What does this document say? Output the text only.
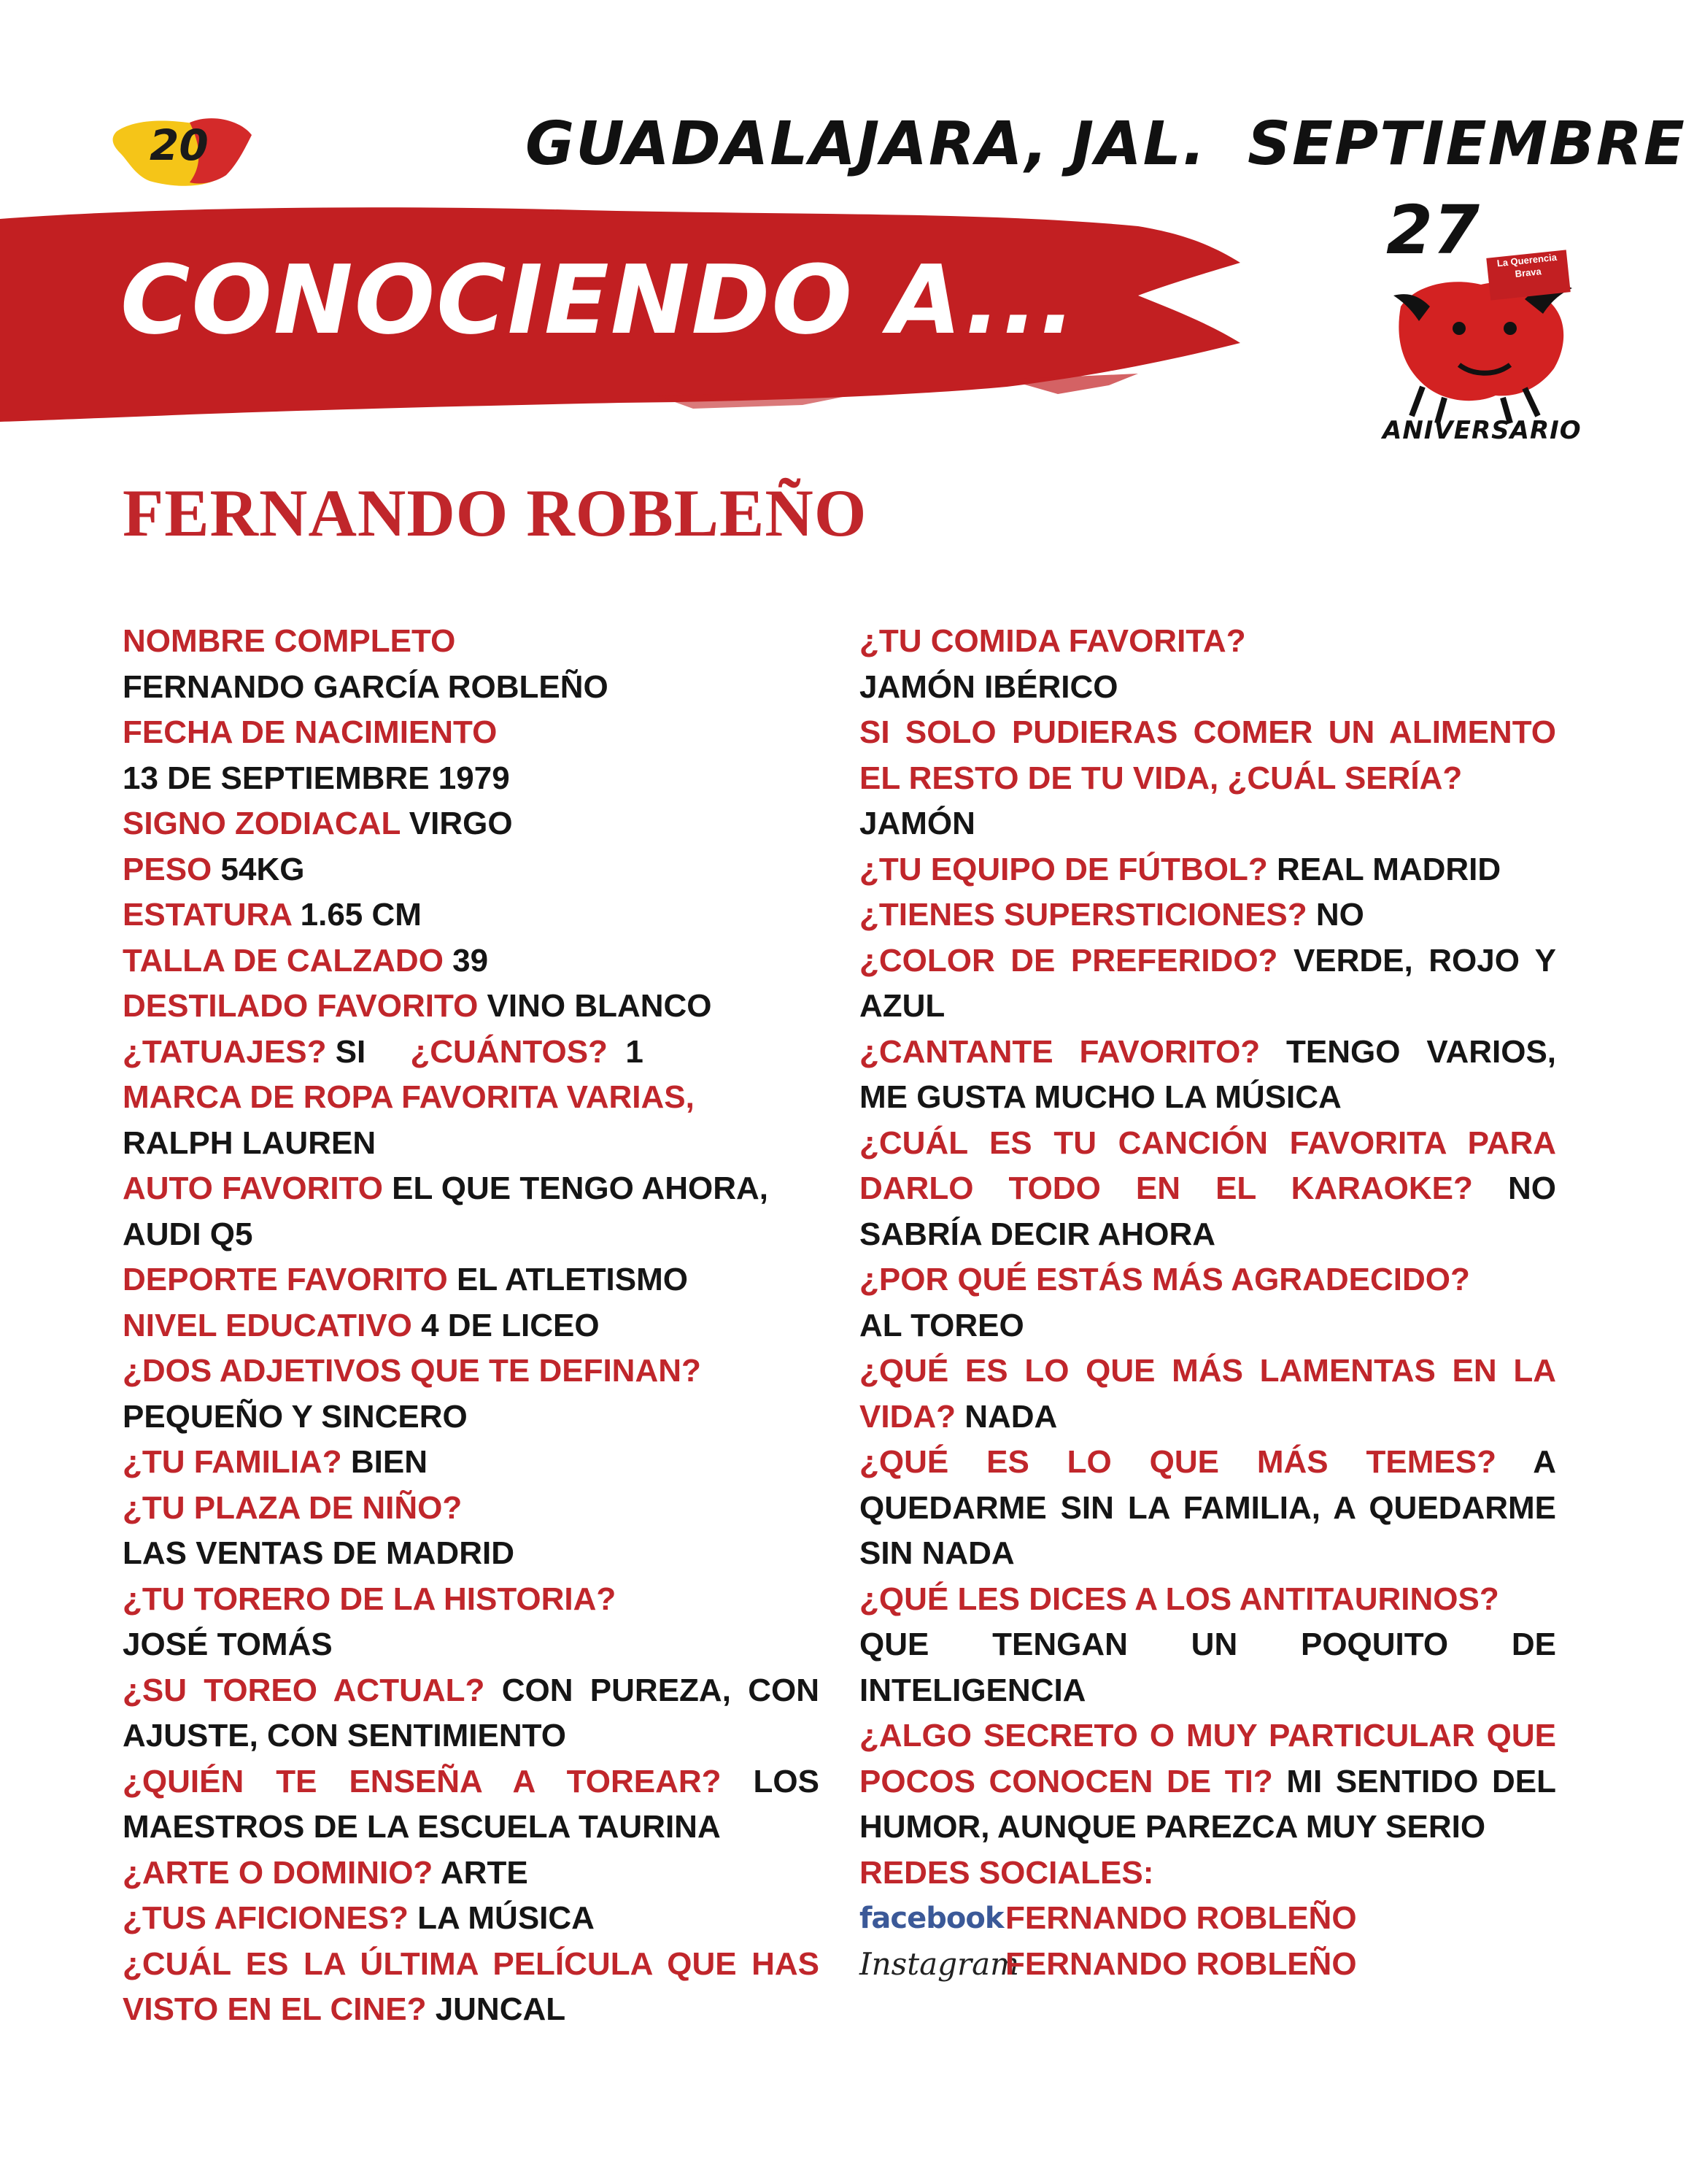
20	GUADALAJARA, JAL. SEPTIEMBRE
CONOCIENDO A...	La Querencia Brava
27
ANIVERSARIO
FERNANDO ROBLEÑO

NOMBRE COMPLETO

FERNANDO GARCÍA ROBLEÑO

FECHA DE NACIMIENTO

13 DE SEPTIEMBRE 1979

SIGNO ZODIACAL VIRGO

PESO 54KG

ESTATURA 1.65 CM

TALLA DE CALZADO 39

DESTILADO FAVORITO VINO BLANCO

¿TATUAJES? SI ¿CUÁNTOS? 1

MARCA DE ROPA FAVORITA VARIAS,
RALPH LAUREN

AUTO FAVORITO EL QUE TENGO AHORA, AUDI Q5

DEPORTE FAVORITO EL ATLETISMO

NIVEL EDUCATIVO 4 DE LICEO

¿DOS ADJETIVOS QUE TE DEFINAN?
PEQUEÑO Y SINCERO

¿TU FAMILIA? BIEN

¿TU PLAZA DE NIÑO?
LAS VENTAS DE MADRID

¿TU TORERO DE LA HISTORIA?
JOSÉ TOMÁS

¿SU TOREO ACTUAL? CON PUREZA, CON AJUSTE, CON SENTIMIENTO

¿QUIÉN TE ENSEÑA A TOREAR? LOS MAESTROS DE LA ESCUELA TAURINA

¿ARTE O DOMINIO? ARTE

¿TUS AFICIONES? LA MÚSICA

¿CUÁL ES LA ÚLTIMA PELÍCULA QUE HAS VISTO EN EL CINE? JUNCAL

¿TU COMIDA FAVORITA?
JAMÓN IBÉRICO

SI SOLO PUDIERAS COMER UN ALIMENTO EL RESTO DE TU VIDA, ¿CUÁL SERÍA?
JAMÓN

¿TU EQUIPO DE FÚTBOL? REAL MADRID

¿TIENES SUPERSTICIONES? NO

¿COLOR DE PREFERIDO? VERDE, ROJO Y AZUL

¿CANTANTE FAVORITO? TENGO VARIOS, ME GUSTA MUCHO LA MÚSICA

¿CUÁL ES TU CANCIÓN FAVORITA PARA DARLO TODO EN EL KARAOKE? NO SABRÍA DECIR AHORA

¿POR QUÉ ESTÁS MÁS AGRADECIDO?
AL TOREO

¿QUÉ ES LO QUE MÁS LAMENTAS EN LA VIDA? NADA

¿QUÉ ES LO QUE MÁS TEMES? A QUEDARME SIN LA FAMILIA, A QUEDARME SIN NADA

¿QUÉ LES DICES A LOS ANTITAURINOS?
QUE TENGAN UN POQUITO DE INTELIGENCIA

¿ALGO SECRETO O MUY PARTICULAR QUE POCOS CONOCEN DE TI? MI SENTIDO DEL HUMOR, AUNQUE PAREZCA MUY SERIO

REDES SOCIALES:

facebook FERNANDO ROBLEÑO
Instagram
FERNANDO ROBLEÑO
